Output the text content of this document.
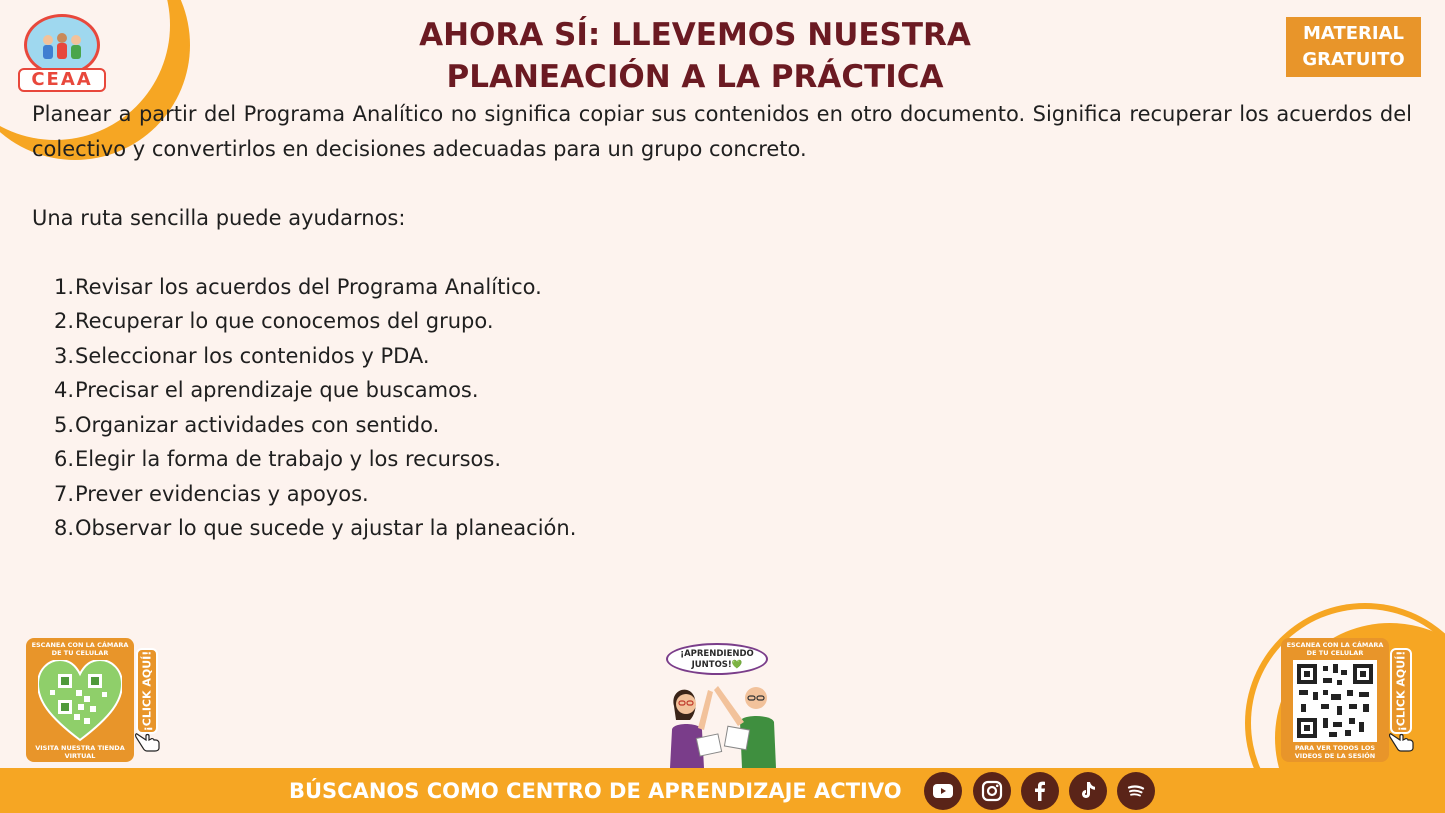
CEAA
AHORA SÍ: LLEVEMOS NUESTRA
PLANEACIÓN A LA PRÁCTICA
MATERIAL
GRATUITO

Planear a partir del Programa Analítico no significa copiar sus contenidos en otro documento. Significa recuperar los acuerdos del colectivo y convertirlos en decisiones adecuadas para un grupo concreto.

Una ruta sencilla puede ayudarnos:

1. Revisar los acuerdos del Programa Analítico.
2. Recuperar lo que conocemos del grupo.
3. Seleccionar los contenidos y PDA.
4. Precisar el aprendizaje que buscamos.
5. Organizar actividades con sentido.
6. Elegir la forma de trabajo y los recursos.
7. Prever evidencias y apoyos.
8. Observar lo que sucede y ajustar la planeación.
ESCANEA CON LA CÁMARA DE TU CELULAR
VISITA NUESTRA TIENDA VIRTUAL
¡CLICK AQUÍ!	¡APRENDIENDO
JUNTOS!💚
ESCANEA CON LA CÁMARA DE TU CELULAR
PARA VER TODOS LOS VIDEOS DE LA SESIÓN
¡CLICK AQUÍ!
BÚSCANOS COMO CENTRO DE APRENDIZAJE ACTIVO
